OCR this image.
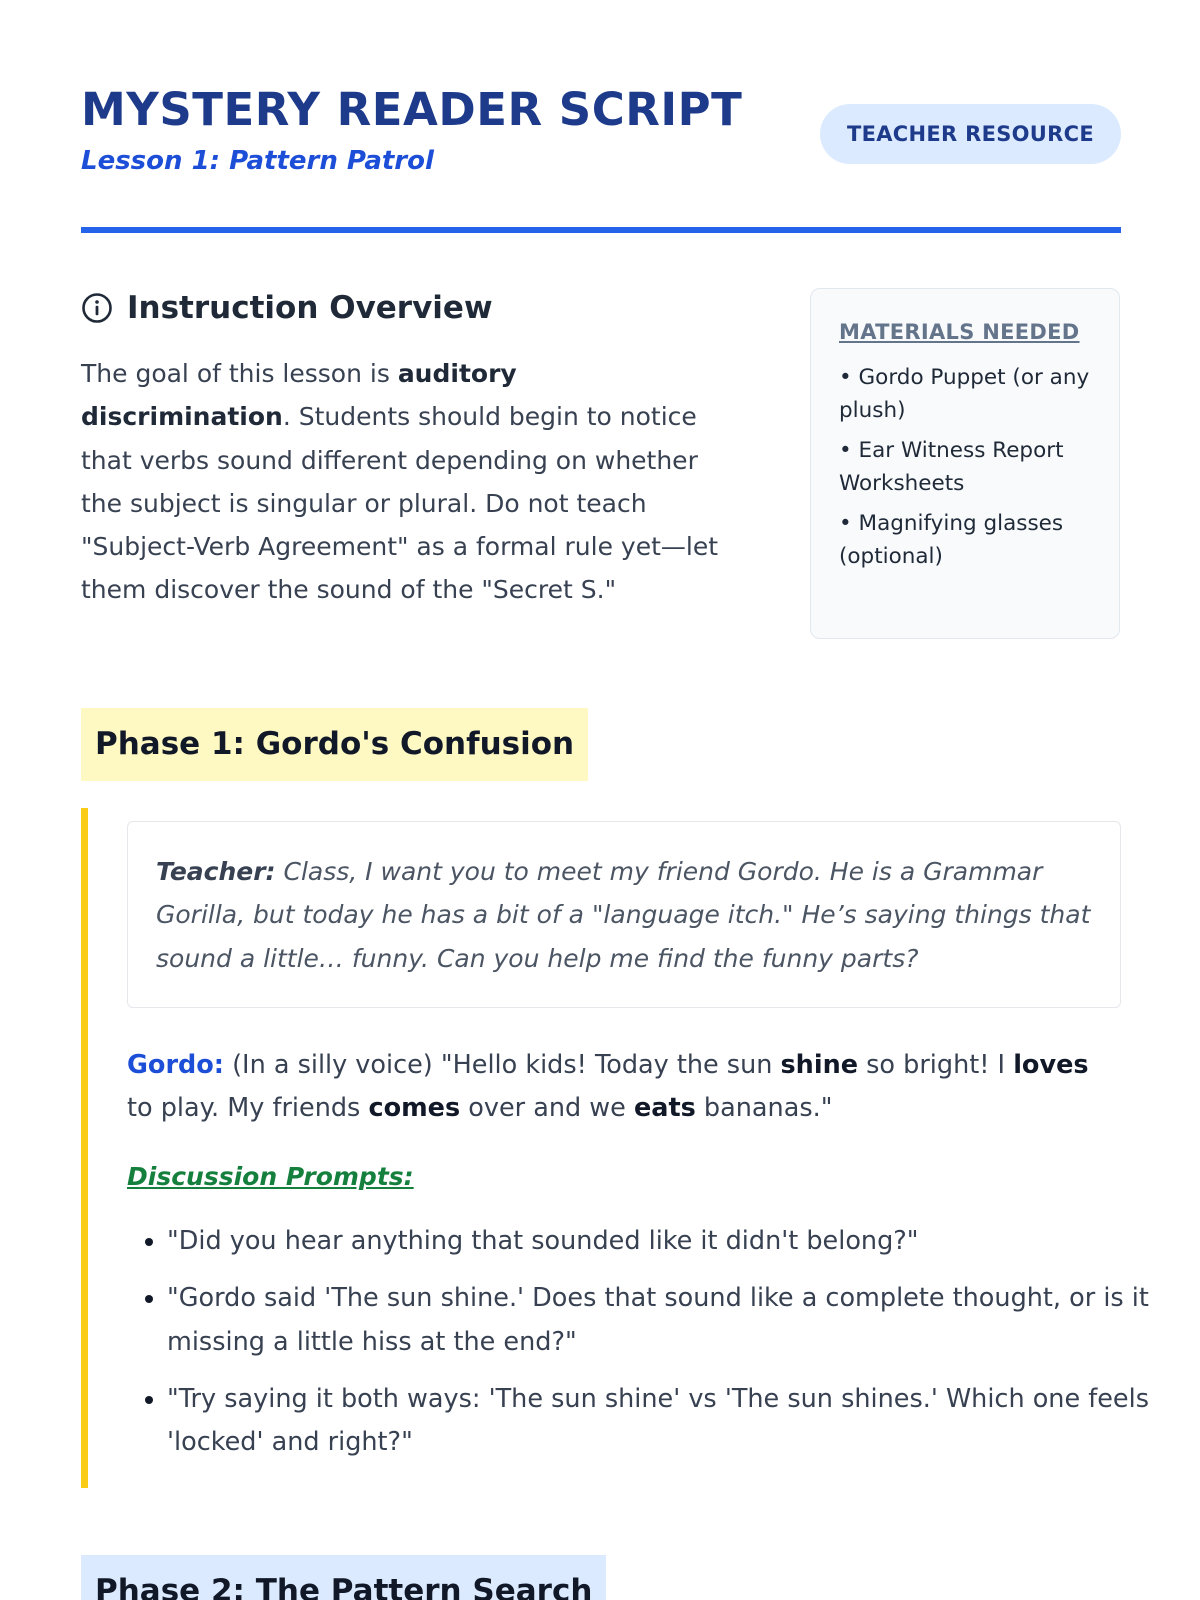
MYSTERY READER SCRIPT
Lesson 1: Pattern Patrol
TEACHER RESOURCE
Instruction Overview

The goal of this lesson is auditory discrimination. Students should begin to notice that verbs sound different depending on whether the subject is singular or plural. Do not teach "Subject-Verb Agreement" as a formal rule yet—let them discover the sound of the "Secret S."

MATERIALS NEEDED
• Gordo Puppet (or any plush)
• Ear Witness Report Worksheets
• Magnifying glasses (optional)
Phase 1: Gordo's Confusion
Teacher: Class, I want you to meet my friend Gordo. He is a Grammar Gorilla, but today he has a bit of a "language itch." He’s saying things that sound a little… funny. Can you help me find the funny parts?

Gordo: (In a silly voice) "Hello kids! Today the sun shine so bright! I loves to play. My friends comes over and we eats bananas."

Discussion Prompts:
• "Did you hear anything that sounded like it didn't belong?"
• "Gordo said 'The sun shine.' Does that sound like a complete thought, or is it missing a little hiss at the end?"
• "Try saying it both ways: 'The sun shine' vs 'The sun shines.' Which one feels 'locked' and right?"
Phase 2: The Pattern Search
